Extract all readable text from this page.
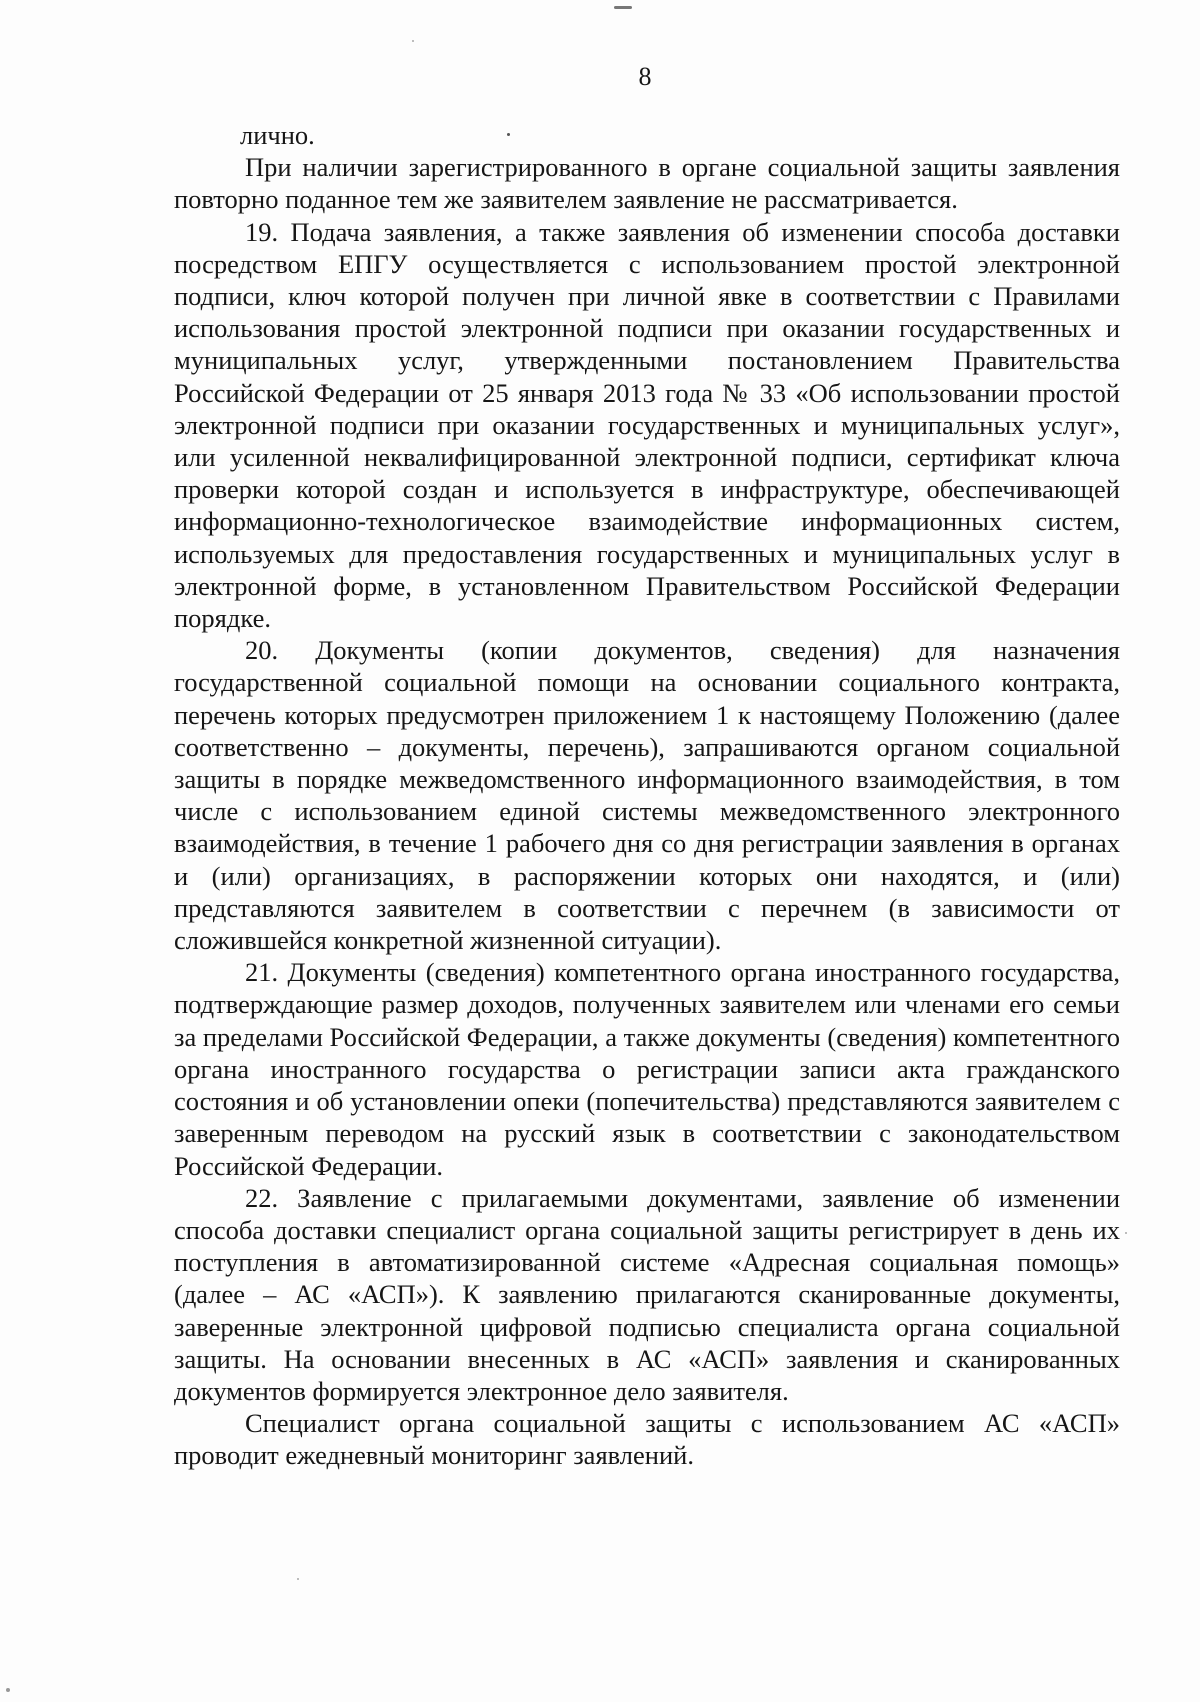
8

лично.

При наличии зарегистрированного в органе социальной защиты заявления повторно поданное тем же заявителем заявление не рассматривается.

19. Подача заявления, а также заявления об изменении способа доставки посредством ЕПГУ осуществляется с использованием простой электронной подписи, ключ которой получен при личной явке в соответствии с Правилами использования простой электронной подписи при оказании государственных и муниципальных услуг, утвержденными постановлением Правительства Российской Федерации от 25 января 2013 года № 33 «Об использовании простой электронной подписи при оказании государственных и муниципальных услуг», или усиленной неквалифицированной электронной подписи, сертификат ключа проверки которой создан и используется в инфраструктуре, обеспечивающей информационно-технологическое взаимодействие информационных систем, используемых для предоставления государственных и муниципальных услуг в электронной форме, в установленном Правительством Российской Федерации порядке.

20. Документы (копии документов, сведения) для назначения государственной социальной помощи на основании социального контракта, перечень которых предусмотрен приложением 1 к настоящему Положению (далее соответственно – документы, перечень), запрашиваются органом социальной защиты в порядке межведомственного информационного взаимодействия, в том числе с использованием единой системы межведомственного электронного взаимодействия, в течение 1 рабочего дня со дня регистрации заявления в органах и (или) организациях, в распоряжении которых они находятся, и (или) представляются заявителем в соответствии с перечнем (в зависимости от сложившейся конкретной жизненной ситуации).

21. Документы (сведения) компетентного органа иностранного государства, подтверждающие размер доходов, полученных заявителем или членами его семьи за пределами Российской Федерации, а также документы (сведения) компетентного органа иностранного государства о регистрации записи акта гражданского состояния и об установлении опеки (попечительства) представляются заявителем с заверенным переводом на русский язык в соответствии с законодательством Российской Федерации.

22. Заявление с прилагаемыми документами, заявление об изменении способа доставки специалист органа социальной защиты регистрирует в день их поступления в автоматизированной системе «Адресная социальная помощь» (далее – АС «АСП»). К заявлению прилагаются сканированные документы, заверенные электронной цифровой подписью специалиста органа социальной защиты. На основании внесенных в АС «АСП» заявления и сканированных документов формируется электронное дело заявителя.

Специалист органа социальной защиты с использованием АС «АСП» проводит ежедневный мониторинг заявлений.
